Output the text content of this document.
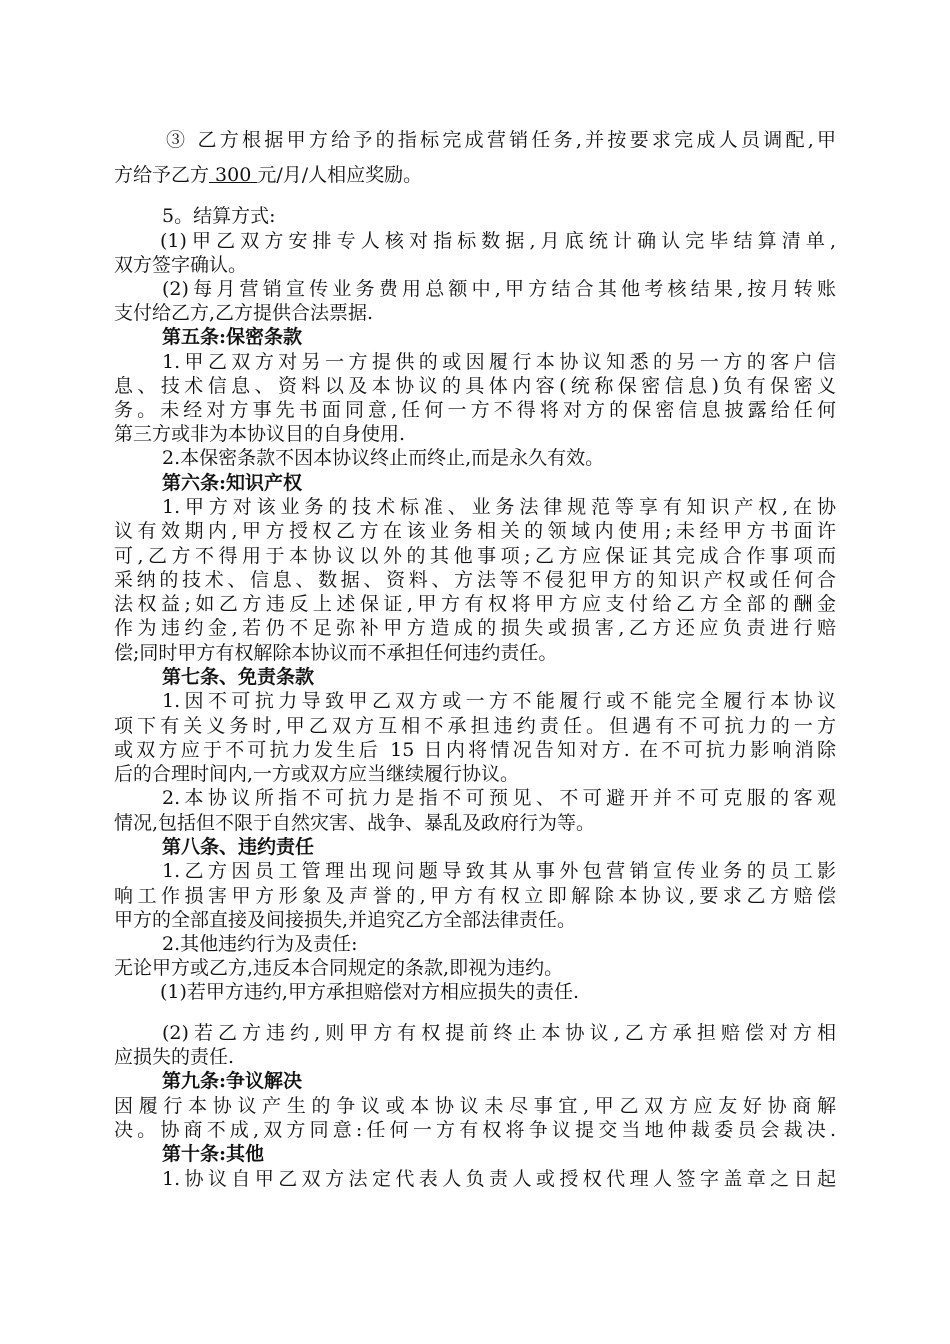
③ 乙方根据甲方给予的指标完成营销任务,并按要求完成人员调配,甲
方给予乙方 300 元/月/人相应奖励。
5。结算方式:
(1)甲乙双方安排专人核对指标数据,月底统计确认完毕结算清单,
双方签字确认。
(2)每月营销宣传业务费用总额中,甲方结合其他考核结果,按月转账
支付给乙方,乙方提供合法票据.
第五条:保密条款
1.甲乙双方对另一方提供的或因履行本协议知悉的另一方的客户信
息、技术信息、资料以及本协议的具体内容(统称保密信息)负有保密义
务。未经对方事先书面同意,任何一方不得将对方的保密信息披露给任何
第三方或非为本协议目的自身使用.
2.本保密条款不因本协议终止而终止,而是永久有效。
第六条:知识产权
1.甲方对该业务的技术标准、业务法律规范等享有知识产权,在协
议有效期内,甲方授权乙方在该业务相关的领域内使用;未经甲方书面许
可,乙方不得用于本协议以外的其他事项;乙方应保证其完成合作事项而
采纳的技术、信息、数据、资料、方法等不侵犯甲方的知识产权或任何合
法权益;如乙方违反上述保证,甲方有权将甲方应支付给乙方全部的酬金
作为违约金,若仍不足弥补甲方造成的损失或损害,乙方还应负责进行赔
偿;同时甲方有权解除本协议而不承担任何违约责任。
第七条、免责条款
1.因不可抗力导致甲乙双方或一方不能履行或不能完全履行本协议
项下有关义务时,甲乙双方互相不承担违约责任。但遇有不可抗力的一方
或双方应于不可抗力发生后 15 日内将情况告知对方. 在不可抗力影响消除
后的合理时间内,一方或双方应当继续履行协议。
2.本协议所指不可抗力是指不可预见、不可避开并不可克服的客观
情况,包括但不限于自然灾害、战争、暴乱及政府行为等。
第八条、违约责任
1.乙方因员工管理出现问题导致其从事外包营销宣传业务的员工影
响工作损害甲方形象及声誉的,甲方有权立即解除本协议,要求乙方赔偿
甲方的全部直接及间接损失,并追究乙方全部法律责任。
2.其他违约行为及责任:
无论甲方或乙方,违反本合同规定的条款,即视为违约。
(1)若甲方违约,甲方承担赔偿对方相应损失的责任.
(2)若乙方违约,则甲方有权提前终止本协议,乙方承担赔偿对方相
应损失的责任.
第九条:争议解决
因履行本协议产生的争议或本协议未尽事宜,甲乙双方应友好协商解
决。协商不成,双方同意:任何一方有权将争议提交当地仲裁委员会裁决.
第十条:其他
1.协议自甲乙双方法定代表人负责人或授权代理人签字盖章之日起
